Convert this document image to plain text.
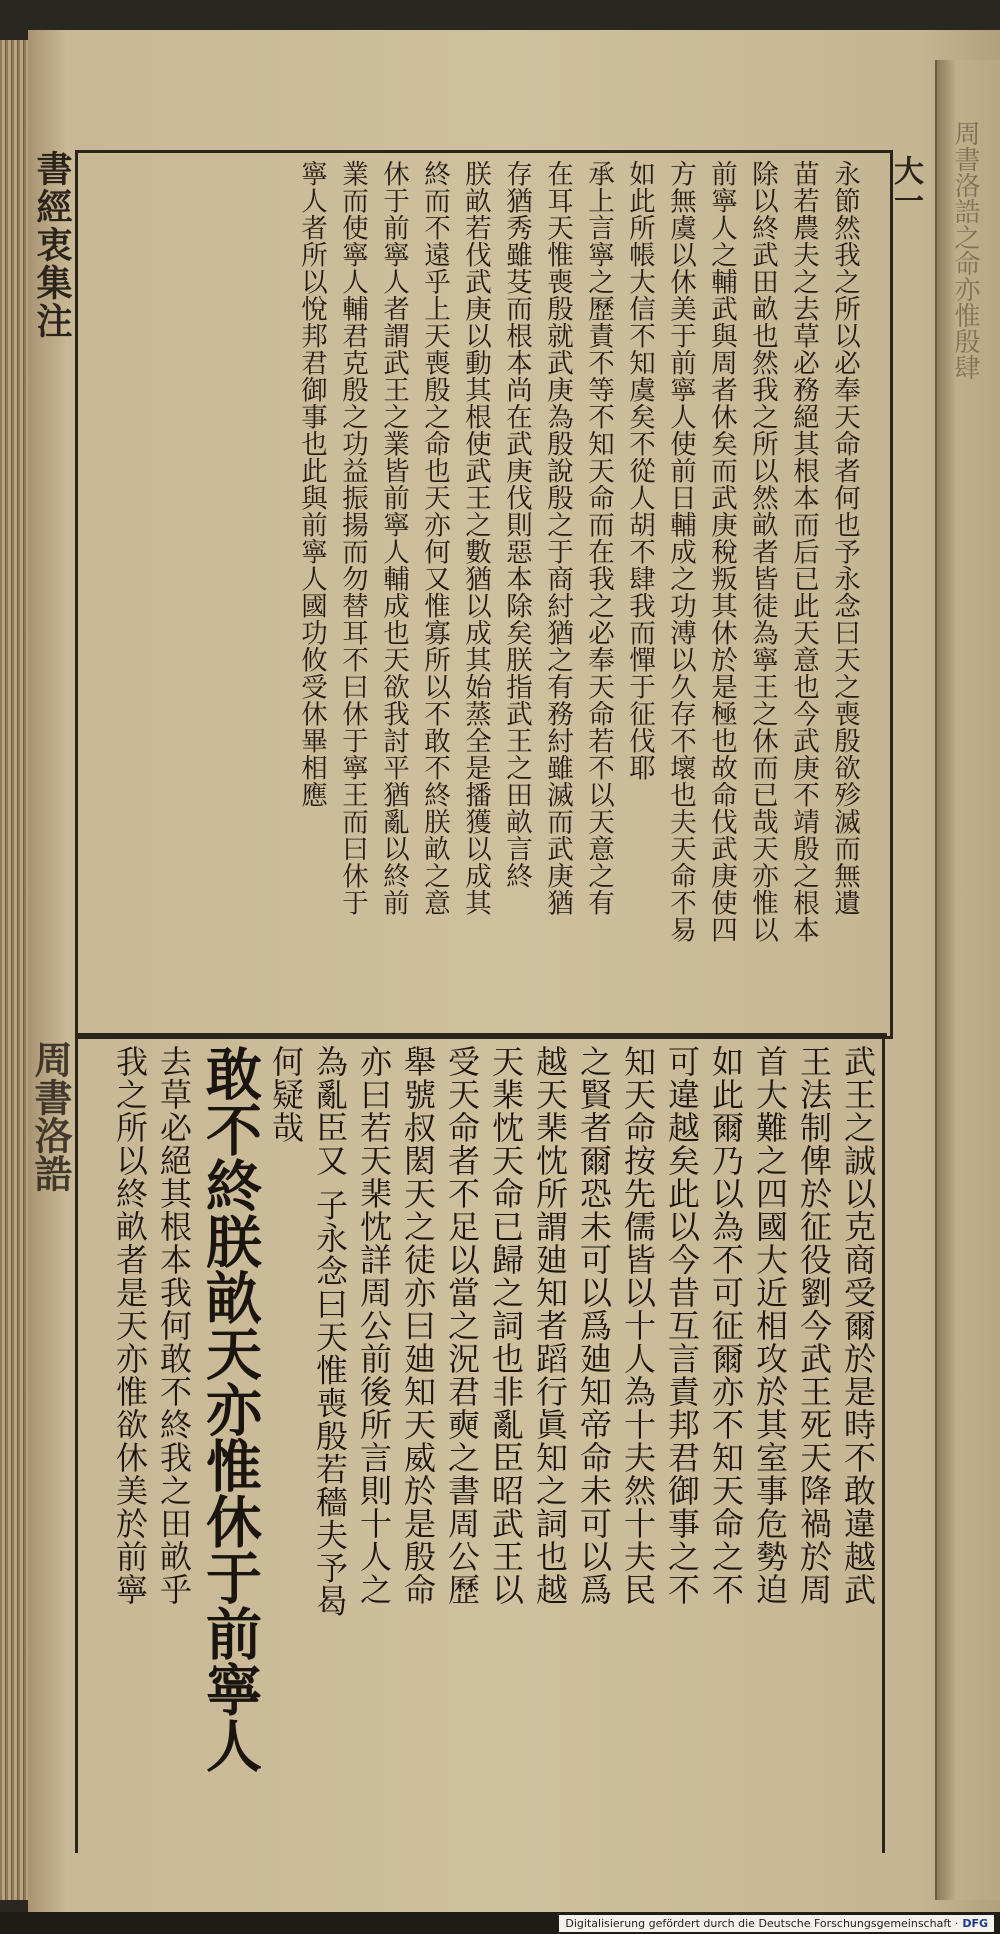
周書洛誥之命亦惟殷肆
書經衷集注
周書洛誥
大一
永節然我之所以必奉天命者何也予永念曰天之喪殷欲殄滅而無遺
苗若農夫之去草必務絕其根本而后已此天意也今武庚不靖殷之根本
除以終武田畝也然我之所以然畝者皆徒為寧王之休而已哉天亦惟以
前寧人之輔武與周者休矣而武庚稅叛其休於是極也故命伐武庚使四
方無虞以休美于前寧人使前日輔成之功溥以久存不壞也夫天命不易
如此所帳大信不知虞矣不從人胡不肆我而憚于征伐耶
承上言寧之歷責不等不知天命而在我之必奉天命若不以天意之有
在耳天惟喪殷就武庚為殷說殷之于商紂猶之有務紂雖滅而武庚猶
存猶秀雖芟而根本尚在武庚伐則惡本除矣朕指武王之田畝言終
朕畝若伐武庚以動其根使武王之數猶以成其始蒸全是播獲以成其
終而不遠乎上天喪殷之命也天亦何又惟寡所以不敢不終朕畝之意
休于前寧人者謂武王之業皆前寧人輔成也天欲我討平猶亂以終前
業而使寧人輔君克殷之功益振揚而勿替耳不曰休于寧王而曰休于
寧人者所以悅邦君御事也此與前寧人國功攸受休畢相應
武王之誠以克商受爾於是時不敢違越武
王法制俾於征役劉今武王死天降禍於周
首大難之四國大近相攻於其室事危勢迫
如此爾乃以為不可征爾亦不知天命之不
可違越矣此以今昔互言責邦君御事之不
知天命按先儒皆以十人為十夫然十夫民
之賢者爾恐未可以爲廸知帝命未可以爲
越天棐忱所謂廸知者蹈行眞知之詞也越
天棐忱天命已歸之詞也非亂臣昭武王以
受天命者不足以當之況君奭之書周公歷
舉號叔閎天之徒亦曰廸知天威於是殷命
亦曰若天棐忱詳周公前後所言則十人之
為亂臣又 子永念曰天惟喪殷若穡夫予曷
何疑哉
敢不終朕畝天亦惟休于前寧人
去草必絕其根本我何敢不終我之田畝乎
我之所以終畝者是天亦惟欲休美於前寧
Digitalisierung gefördert durch die Deutsche Forschungsgemeinschaft · DFG
